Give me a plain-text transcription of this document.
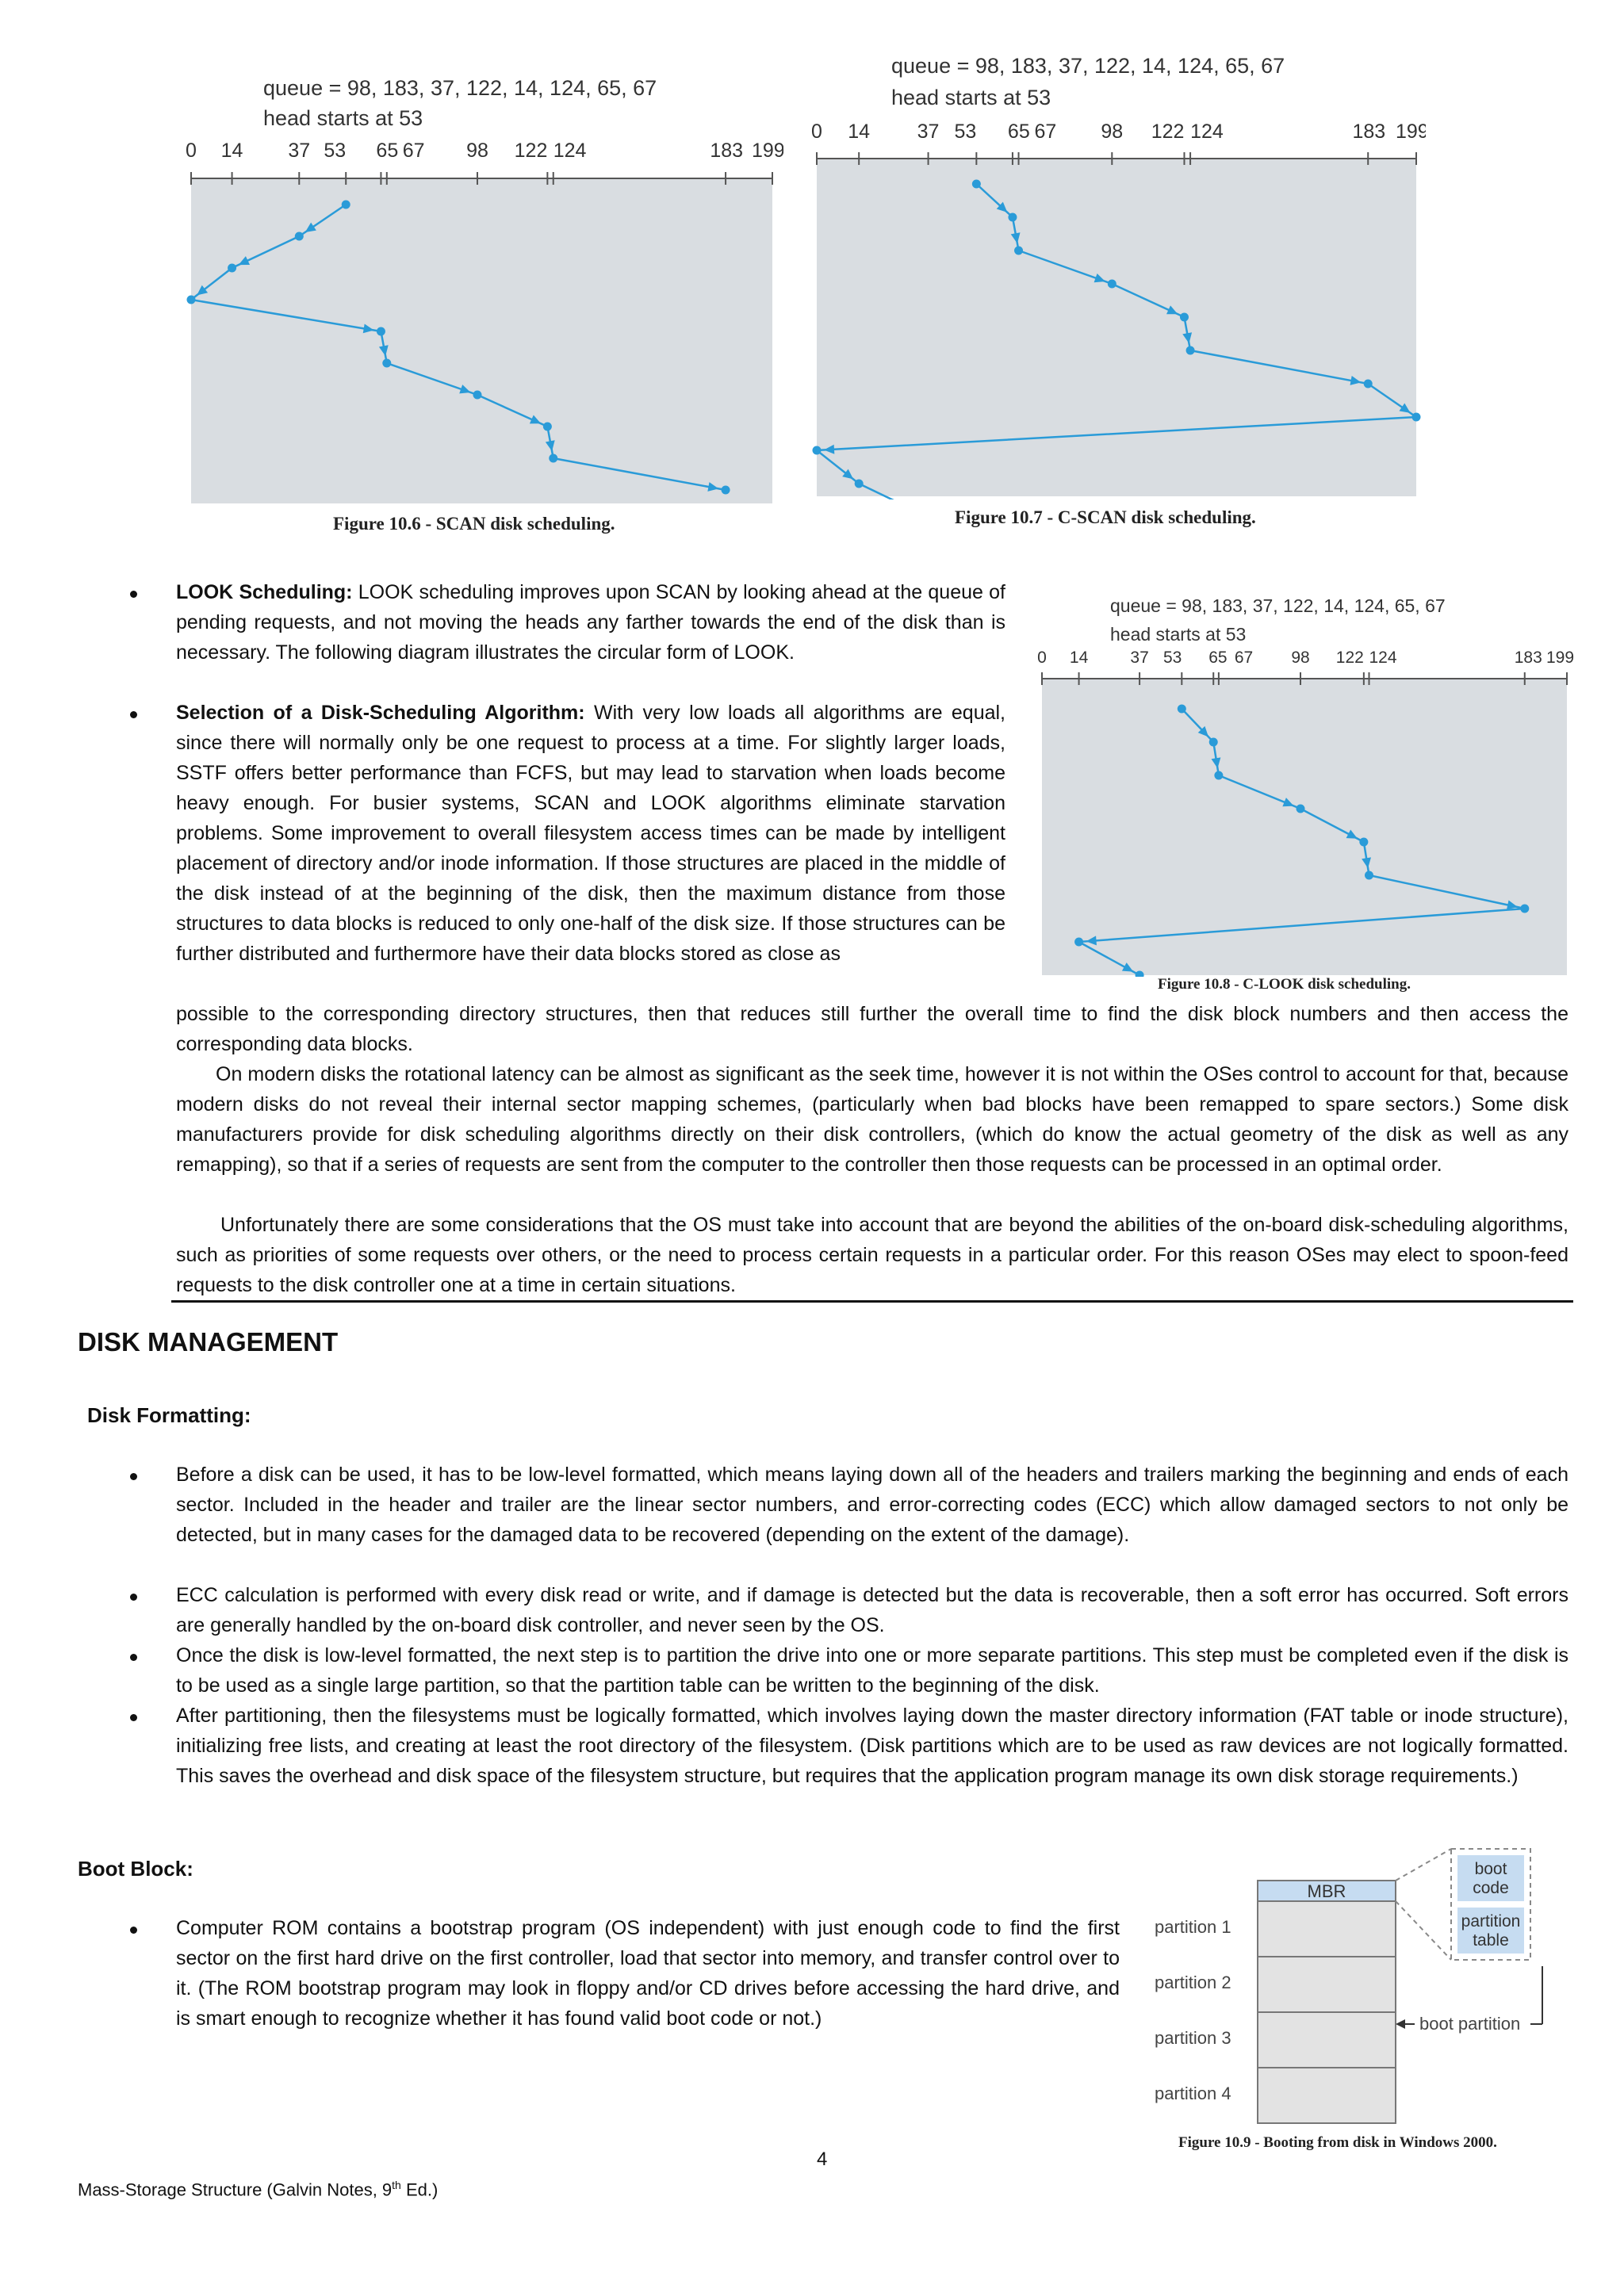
queue = 98, 183, 37, 122, 14, 124, 65, 67
head starts at 53
0 14 37 53 65 67 98 122 124	183 199
Figure 10.6 - SCAN disk scheduling.
queue = 98, 183, 37, 122, 14, 124, 65, 67
head starts at 53
0 14 37 53 65 67 98 122 124	183 199
Figure 10.7 - C-SCAN disk scheduling.
queue = 98, 183, 37, 122, 14, 124, 65, 67
head starts at 53
0 14	37 53 65 67 98 122 124	183 199
Figure 10.8 - C-LOOK disk scheduling.
LOOK Scheduling: LOOK scheduling improves upon SCAN by looking ahead at the queue of pending requests, and not moving the heads any farther towards the end of the disk than is necessary. The following diagram illustrates the circular form of LOOK.
Selection of a Disk-Scheduling Algorithm: With very low loads all algorithms are equal, since there will normally only be one request to process at a time. For slightly larger loads, SSTF offers better performance than FCFS, but may lead to starvation when loads become heavy enough. For busier systems, SCAN and LOOK algorithms eliminate starvation problems. Some improvement to overall filesystem access times can be made by intelligent placement of directory and/or inode information. If those structures are placed in the middle of the disk instead of at the beginning of the disk, then the maximum distance from those structures to data blocks is reduced to only one-half of the disk size. If those structures can be further distributed and furthermore have their data blocks stored as close as
possible to the corresponding directory structures, then that reduces still further the overall time to find the disk block numbers and then access the corresponding data blocks.
On modern disks the rotational latency can be almost as significant as the seek time, however it is not within the OSes control to account for that, because modern disks do not reveal their internal sector mapping schemes, (particularly when bad blocks have been remapped to spare sectors.) Some disk manufacturers provide for disk scheduling algorithms directly on their disk controllers, (which do know the actual geometry of the disk as well as any remapping), so that if a series of requests are sent from the computer to the controller then those requests can be processed in an optimal order.
Unfortunately there are some considerations that the OS must take into account that are beyond the abilities of the on-board disk-scheduling algorithms, such as priorities of some requests over others, or the need to process certain requests in a particular order. For this reason OSes may elect to spoon-feed requests to the disk controller one at a time in certain situations.
DISK MANAGEMENT
Disk Formatting:
Before a disk can be used, it has to be low-level formatted, which means laying down all of the headers and trailers marking the beginning and ends of each sector. Included in the header and trailer are the linear sector numbers, and error-correcting codes (ECC) which allow damaged sectors to not only be detected, but in many cases for the damaged data to be recovered (depending on the extent of the damage).
ECC calculation is performed with every disk read or write, and if damage is detected but the data is recoverable, then a soft error has occurred. Soft errors are generally handled by the on-board disk controller, and never seen by the OS.
Once the disk is low-level formatted, the next step is to partition the drive into one or more separate partitions. This step must be completed even if the disk is to be used as a single large partition, so that the partition table can be written to the beginning of the disk.
After partitioning, then the filesystems must be logically formatted, which involves laying down the master directory information (FAT table or inode structure), initializing free lists, and creating at least the root directory of the filesystem. (Disk partitions which are to be used as raw devices are not logically formatted. This saves the overhead and disk space of the filesystem structure, but requires that the application program manage its own disk storage requirements.)
Boot Block:
Computer ROM contains a bootstrap program (OS independent) with just enough code to find the first sector on the first hard drive on the first controller, load that sector into memory, and transfer control over to it. (The ROM bootstrap program may look in floppy and/or CD drives before accessing the hard drive, and is smart enough to recognize whether it has found valid boot code or not.)
MBR
partition 1
partition 2
partition 3
partition 4
boot
code
partition
table
boot partition
Figure 10.9 - Booting from disk in Windows 2000.
4
Mass-Storage Structure (Galvin Notes, 9th Ed.)
